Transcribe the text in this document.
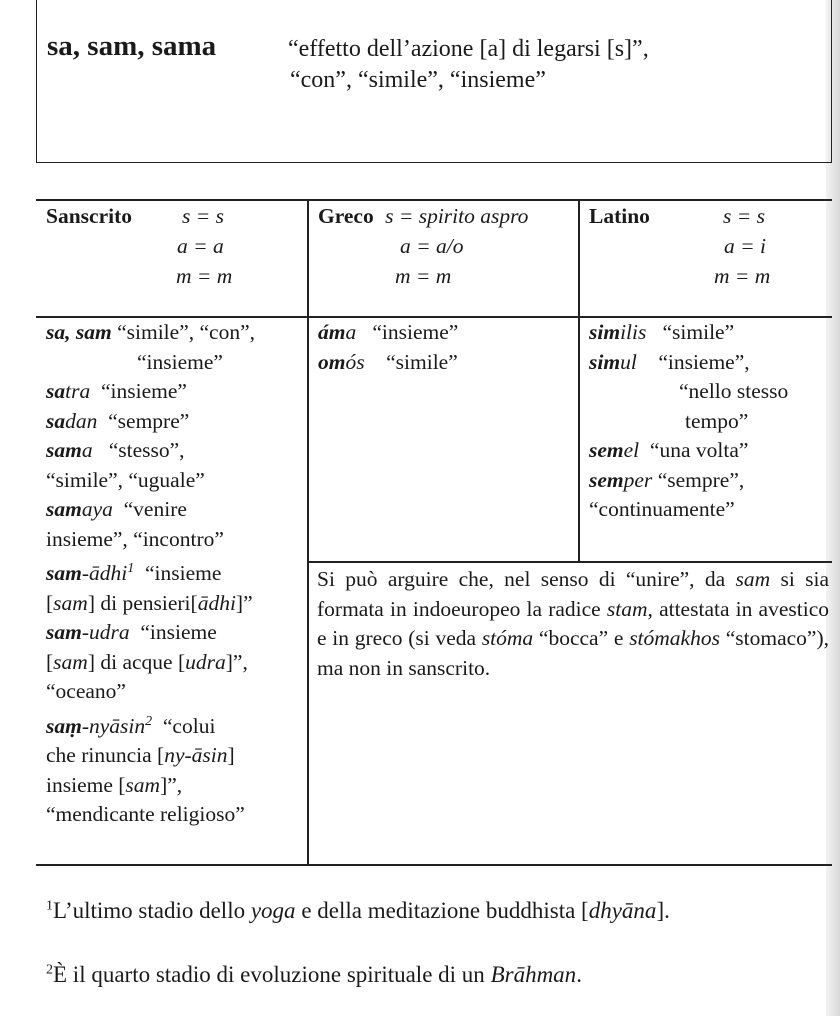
sa, sam, sama	“effetto dell’azione [a] di legarsi [s]”,
“con”, “simile”, “insieme”
Sanscrito s = s
a = a
m = m
Greco s = spirito aspro
a = a/o
m = m
Latino	s = s
a = i
m = m
sa, sam “simile”, “con”,
“insieme”
satra “insieme”
sadan “sempre”
sama “stesso”,
“simile”, “uguale”
samaya “venire
insieme”, “incontro”
sam-ādhi$^1$ “insieme
[sam] di pensieri[ādhi]”
sam-udra “insieme
[sam] di acque [udra]”,
“oceano”
saṃ-nyāsin$^2$ “colui
che rinuncia [ny-āsin]
insieme [sam]”,
“mendicante religioso”
áma “insieme”
omós “simile”
similis “simile”
simul “insieme”,
“nello stesso
tempo”
semel “una volta”
semper “sempre”,
“continuamente”
Si può arguire che, nel senso di “unire”, da sam si sia formata in indoeuropeo la radice stam, attestata in avestico e in greco (si veda stóma “bocca” e stómakhos “stomaco”), ma non in sanscrito.
$^1$L’ultimo stadio dello yoga e della meditazione buddhista [dhyāna].
$^2$È il quarto stadio di evoluzione spirituale di un Brāhman.
